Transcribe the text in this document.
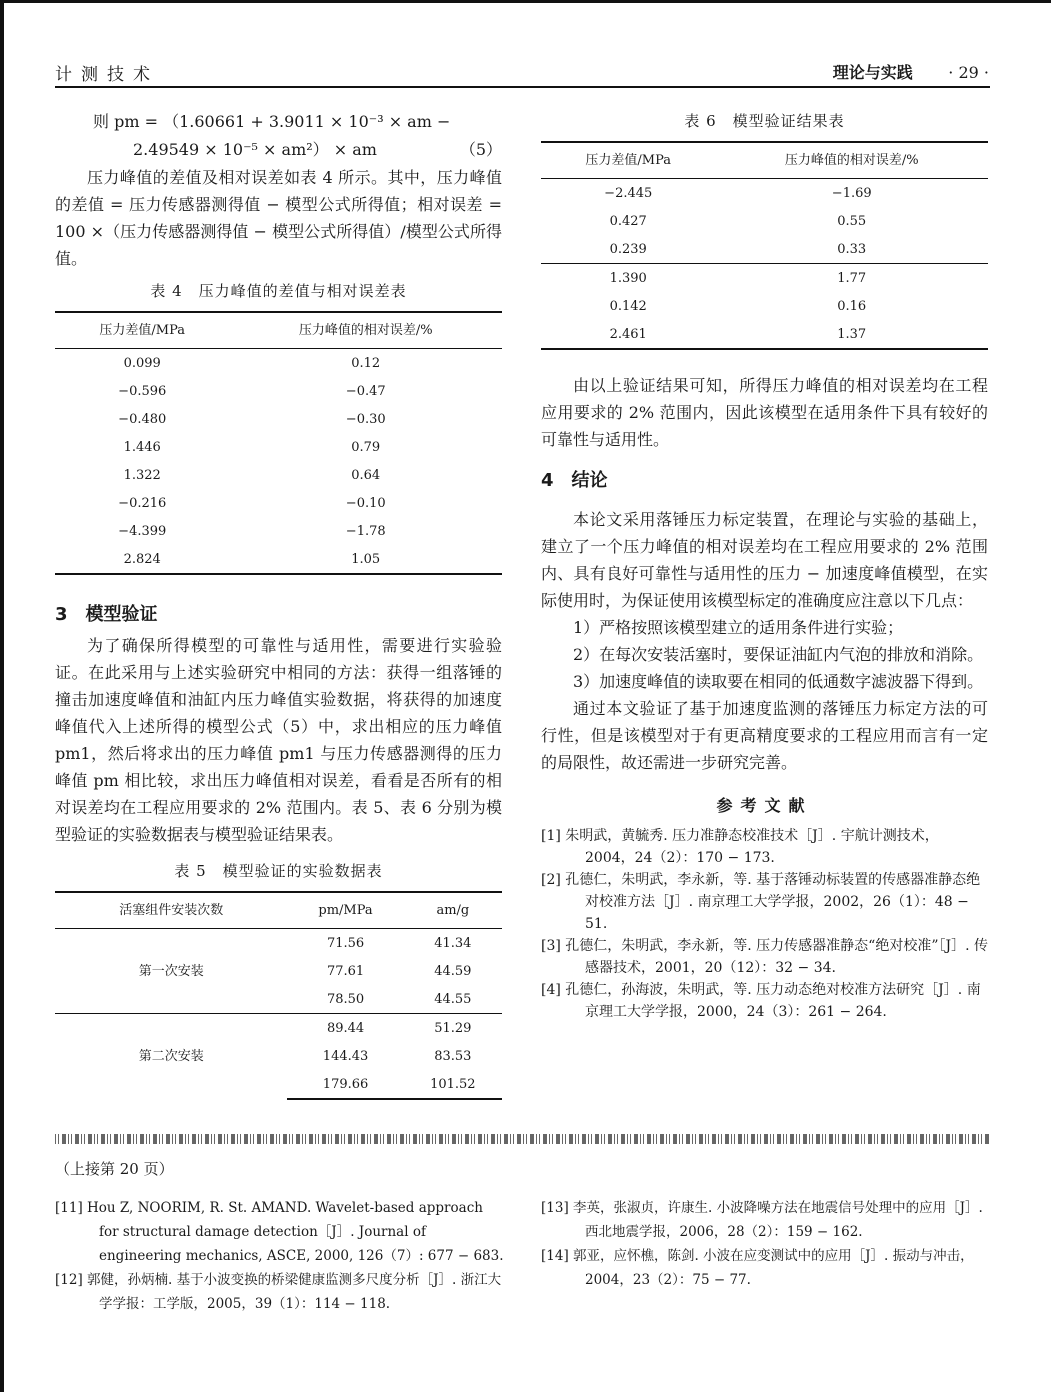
计测技术	理论与实践 · 29 ·

则 pm = （1.60661 + 3.9011 × 10⁻³ × am −

2.49549 × 10⁻⁵ × am²） × am	（5）

压力峰值的差值及相对误差如表 4 所示。其中，压力峰值的差值 = 压力传感器测得值 − 模型公式所得值；相对误差 = 100 ×（压力传感器测得值 − 模型公式所得值）/模型公式所得值。

表 4　压力峰值的差值与相对误差表

压力差值/MPa	压力峰值的相对误差/%
0.099	0.12
−0.596	−0.47
−0.480	−0.30
1.446	0.79
1.322	0.64
−0.216	−0.10
−4.399	−1.78
2.824	1.05

3　模型验证

为了确保所得模型的可靠性与适用性，需要进行实验验证。在此采用与上述实验研究中相同的方法：获得一组落锤的撞击加速度峰值和油缸内压力峰值实验数据，将获得的加速度峰值代入上述所得的模型公式（5）中，求出相应的压力峰值 pm1，然后将求出的压力峰值 pm1 与压力传感器测得的压力峰值 pm 相比较，求出压力峰值相对误差，看看是否所有的相对误差均在工程应用要求的 2% 范围内。表 5、表 6 分别为模型验证的实验数据表与模型验证结果表。

表 5　模型验证的实验数据表

活塞组件安装次数	pm/MPa	am/g
第一次安装	71.56	41.34
	77.61	44.59
	78.50	44.55
第二次安装	89.44	51.29
	144.43	83.53
	179.66	101.52

表 6　模型验证结果表

压力差值/MPa	压力峰值的相对误差/%
−2.445	−1.69
0.427	0.55
0.239	0.33
1.390	1.77
0.142	0.16
2.461	1.37

由以上验证结果可知，所得压力峰值的相对误差均在工程应用要求的 2% 范围内，因此该模型在适用条件下具有较好的可靠性与适用性。

4　结论

本论文采用落锤压力标定装置，在理论与实验的基础上，建立了一个压力峰值的相对误差均在工程应用要求的 2% 范围内、具有良好可靠性与适用性的压力 − 加速度峰值模型，在实际使用时，为保证使用该模型标定的准确度应注意以下几点：

1）严格按照该模型建立的适用条件进行实验；

2）在每次安装活塞时，要保证油缸内气泡的排放和消除。

3）加速度峰值的读取要在相同的低通数字滤波器下得到。

通过本文验证了基于加速度监测的落锤压力标定方法的可行性，但是该模型对于有更高精度要求的工程应用而言有一定的局限性，故还需进一步研究完善。

参考文献

[1] 朱明武，黄毓秀. 压力准静态校准技术［J］. 宇航计测技术，2004，24（2）：170 − 173.

[2] 孔德仁，朱明武，李永新，等. 基于落锤动标装置的传感器准静态绝对校准方法［J］. 南京理工大学学报，2002，26（1）：48 − 51.

[3] 孔德仁，朱明武，李永新，等. 压力传感器准静态“绝对校准”［J］. 传感器技术，2001，20（12）：32 − 34.

[4] 孔德仁，孙海波，朱明武，等. 压力动态绝对校准方法研究［J］. 南京理工大学学报，2000，24（3）：261 − 264.

（上接第 20 页）

[11] Hou Z, NOORIM, R. St. AMAND. Wavelet-based approach for structural damage detection［J］. Journal of engineering mechanics, ASCE, 2000, 126（7）: 677 − 683.

[12] 郭健，孙炳楠. 基于小波变换的桥梁健康监测多尺度分析［J］. 浙江大学学报：工学版，2005，39（1）：114 − 118.

[13] 李英，张淑贞，许康生. 小波降噪方法在地震信号处理中的应用［J］. 西北地震学报，2006，28（2）：159 − 162.

[14] 郭亚，应怀樵，陈剑. 小波在应变测试中的应用［J］. 振动与冲击，2004，23（2）：75 − 77.
